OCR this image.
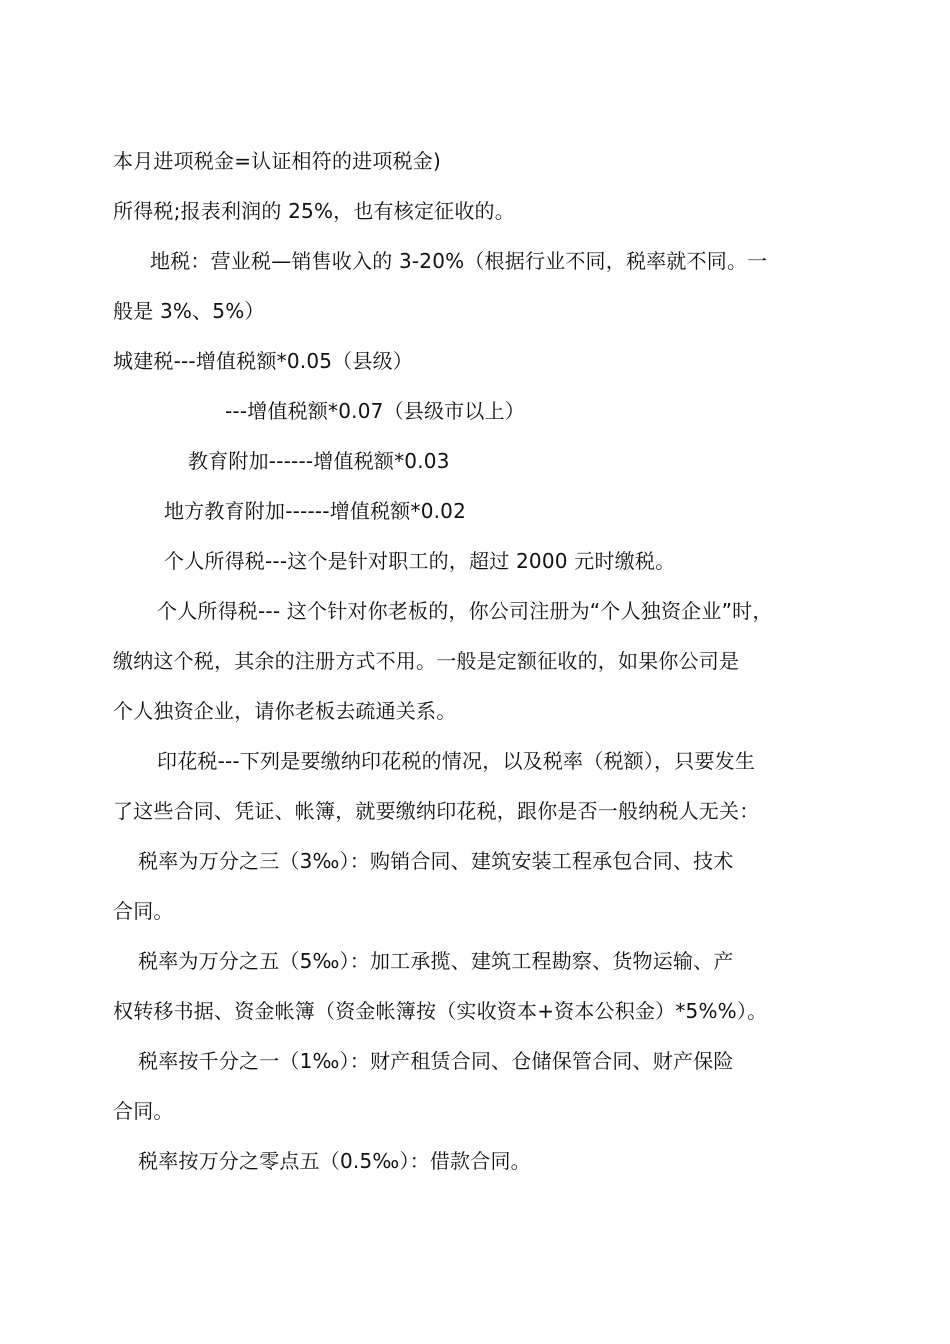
本月进项税金=认证相符的进项税金)
所得税;报表利润的 25%，也有核定征收的。
地税：营业税—销售收入的 3-20%（根据行业不同，税率就不同。一
般是 3%、5%）
城建税---增值税额*0.05（县级）
---增值税额*0.07（县级市以上）
教育附加------增值税额*0.03
地方教育附加------增值税额*0.02
个人所得税---这个是针对职工的，超过 2000 元时缴税。
个人所得税--- 这个针对你老板的，你公司注册为“个人独资企业”时，
缴纳这个税，其余的注册方式不用。一般是定额征收的，如果你公司是
个人独资企业，请你老板去疏通关系。
印花税---下列是要缴纳印花税的情况，以及税率（税额），只要发生
了这些合同、凭证、帐簿，就要缴纳印花税，跟你是否一般纳税人无关：
税率为万分之三（3‰）：购销合同、建筑安装工程承包合同、技术
合同。
税率为万分之五（5‰）：加工承揽、建筑工程勘察、货物运输、产
权转移书据、资金帐簿（资金帐簿按（实收资本+资本公积金）*5%%）。
税率按千分之一（1‰）：财产租赁合同、仓储保管合同、财产保险
合同。
税率按万分之零点五（0.5‰）：借款合同。
